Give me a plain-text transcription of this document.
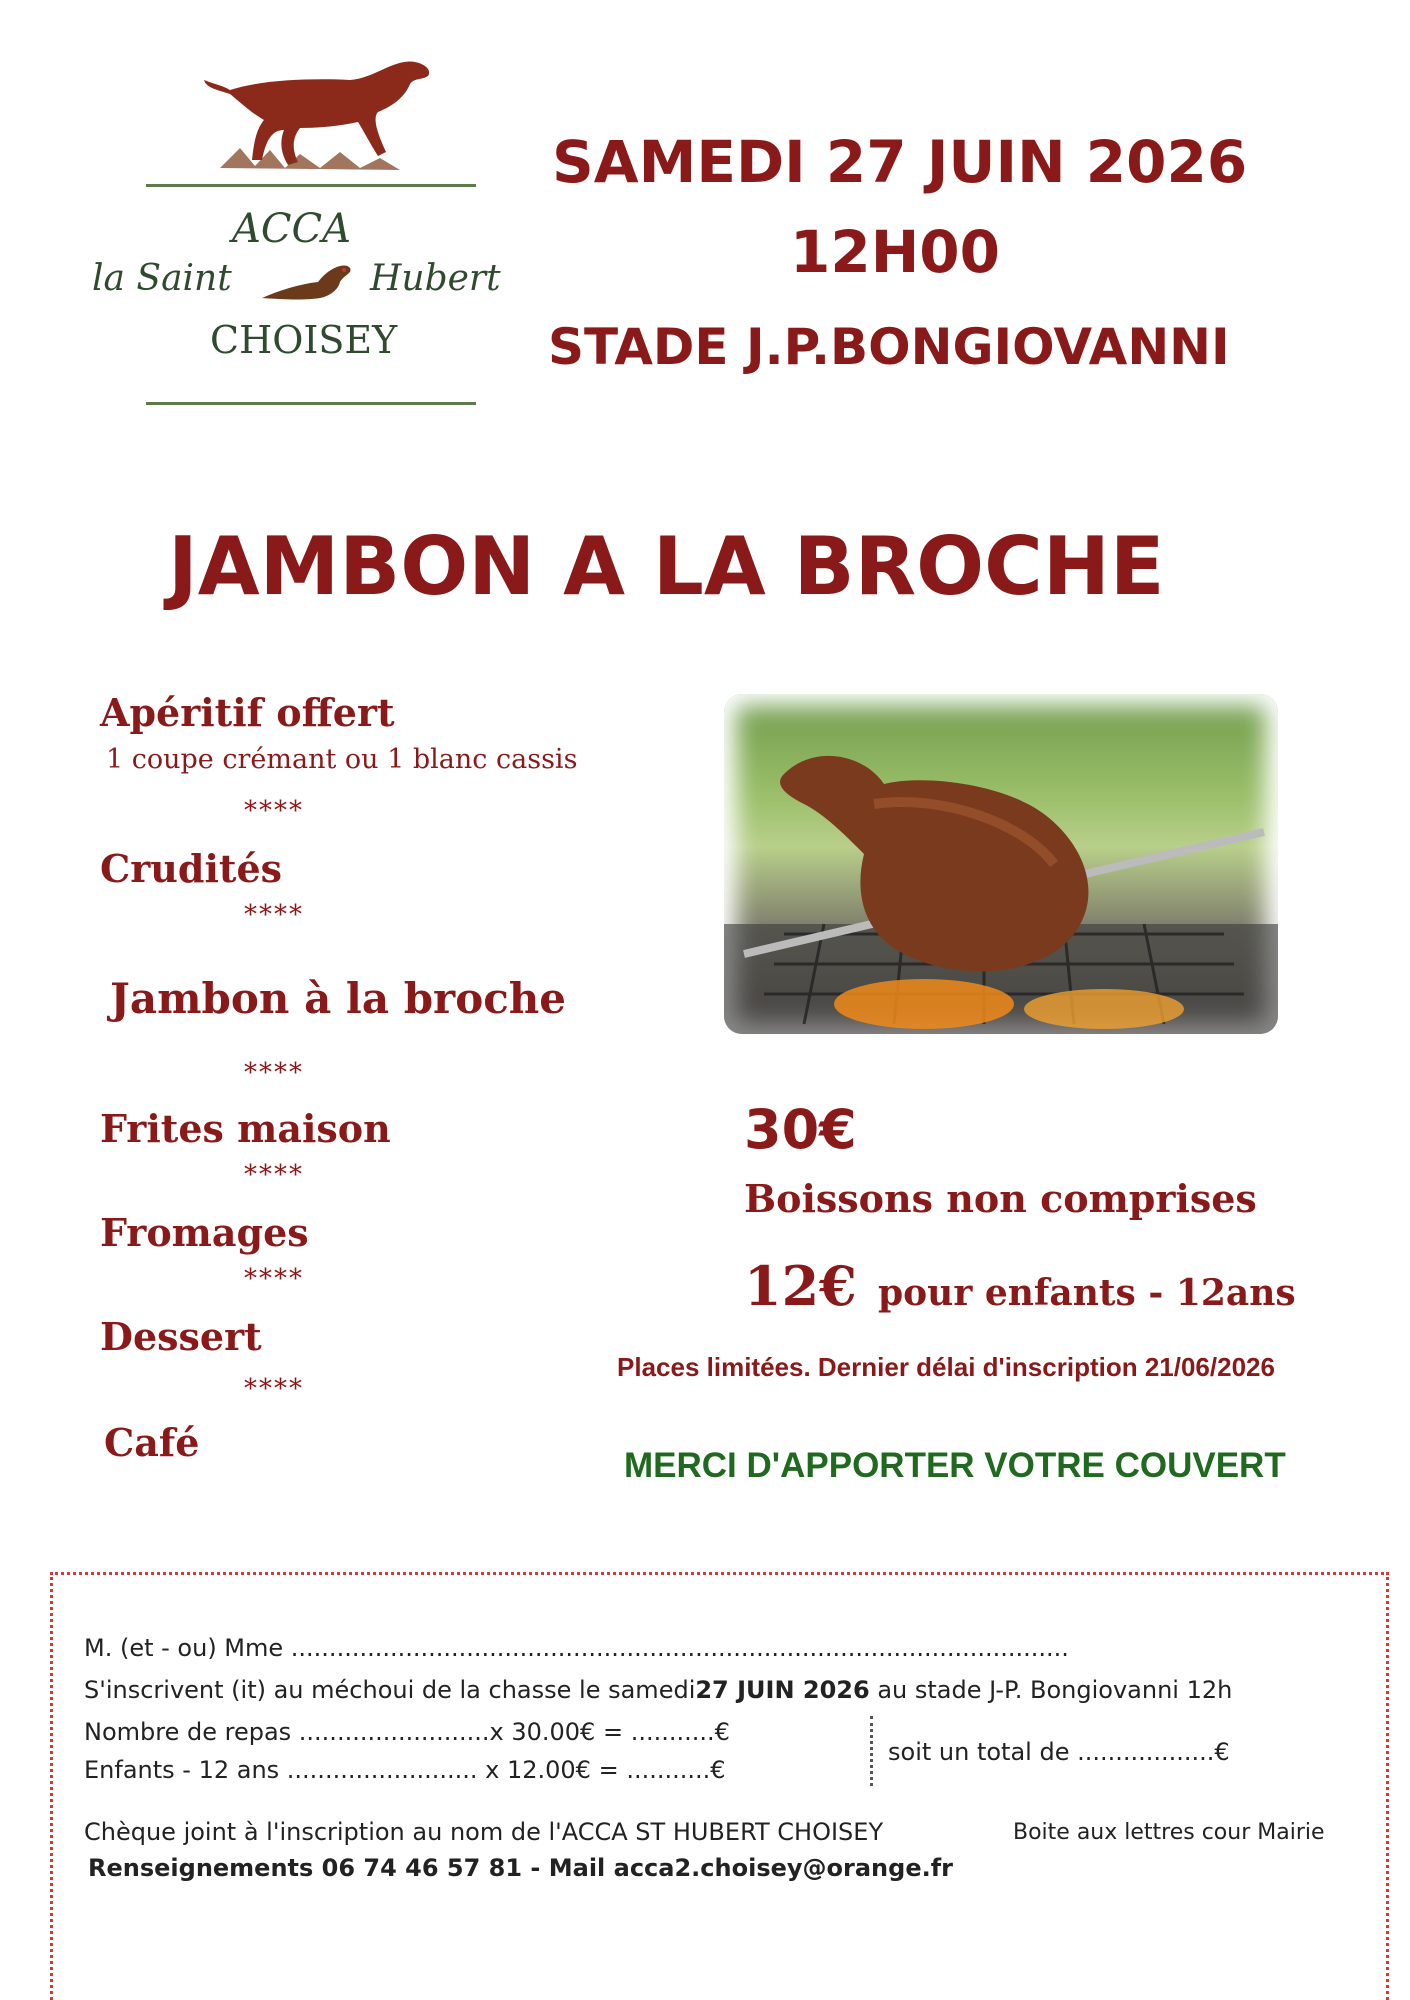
ACCA
la Saint	Hubert
CHOISEY
SAMEDI 27 JUIN 2026
12H00
STADE J.P.BONGIOVANNI
JAMBON A LA BROCHE
Apéritif offert
1 coupe crémant ou 1 blanc cassis
****
Crudités
****
Jambon à la broche
****
Frites maison
****
Fromages
****
Dessert
****
Café
30€
Boissons non comprises
12€ pour enfants - 12ans
Places limitées. Dernier délai d'inscription 21/06/2026
MERCI D'APPORTER VOTRE COUVERT
M. (et - ou) Mme ......................................................................................................
S'inscrivent (it) au méchoui de la chasse le samedi27 JUIN 2026 au stade J-P. Bongiovanni 12h
Nombre de repas .........................x 30.00€ = ...........€
Enfants - 12 ans ......................... x 12.00€ = ...........€
soit un total de ..................€
Chèque joint à l'inscription au nom de l'ACCA ST HUBERT CHOISEY	Boite aux lettres cour Mairie
Renseignements 06 74 46 57 81 - Mail acca2.choisey@orange.fr
